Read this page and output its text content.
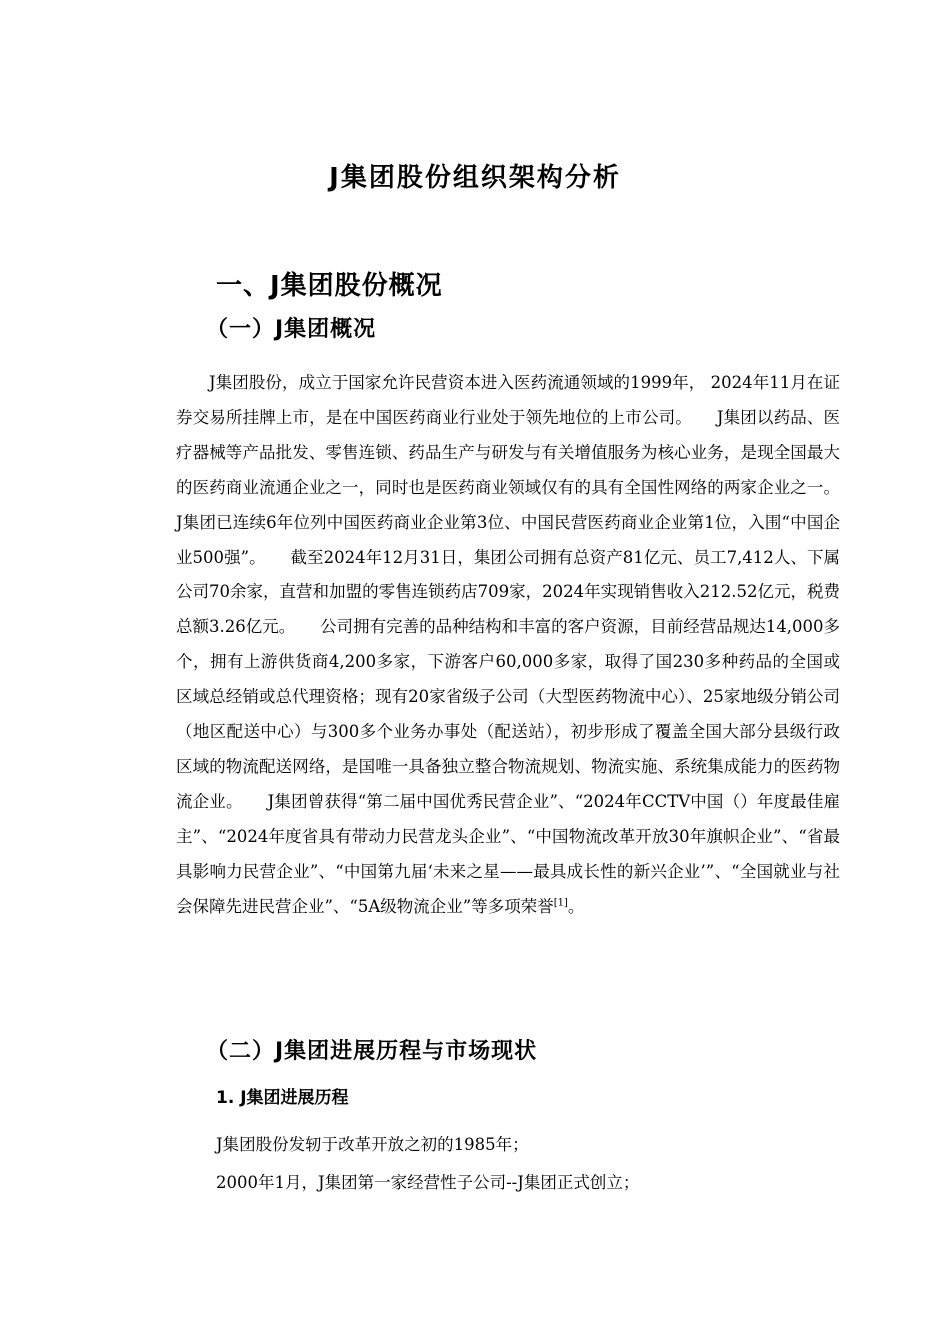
J集团股份组织架构分析
一、J集团股份概况
（一）J集团概况

J集团股份，成立于国家允许民营资本进入医药流通领域的1999年， 2024年11月在证券交易所挂牌上市，是在中国医药商业行业处于领先地位的上市公司。　　J集团以药品、医疗器械等产品批发、零售连锁、药品生产与研发与有关增值服务为核心业务，是现全国最大的医药商业流通企业之一，同时也是医药商业领域仅有的具有全国性网络的两家企业之一。J集团已连续6年位列中国医药商业企业第3位、中国民营医药商业企业第1位，入围“中国企业500强”。　　截至2024年12月31日，集团公司拥有总资产81亿元、员工7,412人、下属公司70余家，直营和加盟的零售连锁药店709家，2024年实现销售收入212.52亿元，税费总额3.26亿元。　　公司拥有完善的品种结构和丰富的客户资源，目前经营品规达14,000多个，拥有上游供货商4,200多家，下游客户60,000多家，取得了国230多种药品的全国或区域总经销或总代理资格；现有20家省级子公司（大型医药物流中心）、25家地级分销公司（地区配送中心）与300多个业务办事处（配送站），初步形成了覆盖全国大部分县级行政区域的物流配送网络，是国唯一具备独立整合物流规划、物流实施、系统集成能力的医药物流企业。　　J集团曾获得“第二届中国优秀民营企业”、“2024年CCTV中国（）年度最佳雇主”、“2024年度省具有带动力民营龙头企业”、“中国物流改革开放30年旗帜企业”、“省最具影响力民营企业”、“中国第九届‘未来之星——最具成长性的新兴企业’”、“全国就业与社会保障先进民营企业”、“5A级物流企业”等多项荣誉[1]。

（二）J集团进展历程与市场现状
1. J集团进展历程

J集团股份发轫于改革开放之初的1985年；

2000年1月，J集团第一家经营性子公司--J集团正式创立；
